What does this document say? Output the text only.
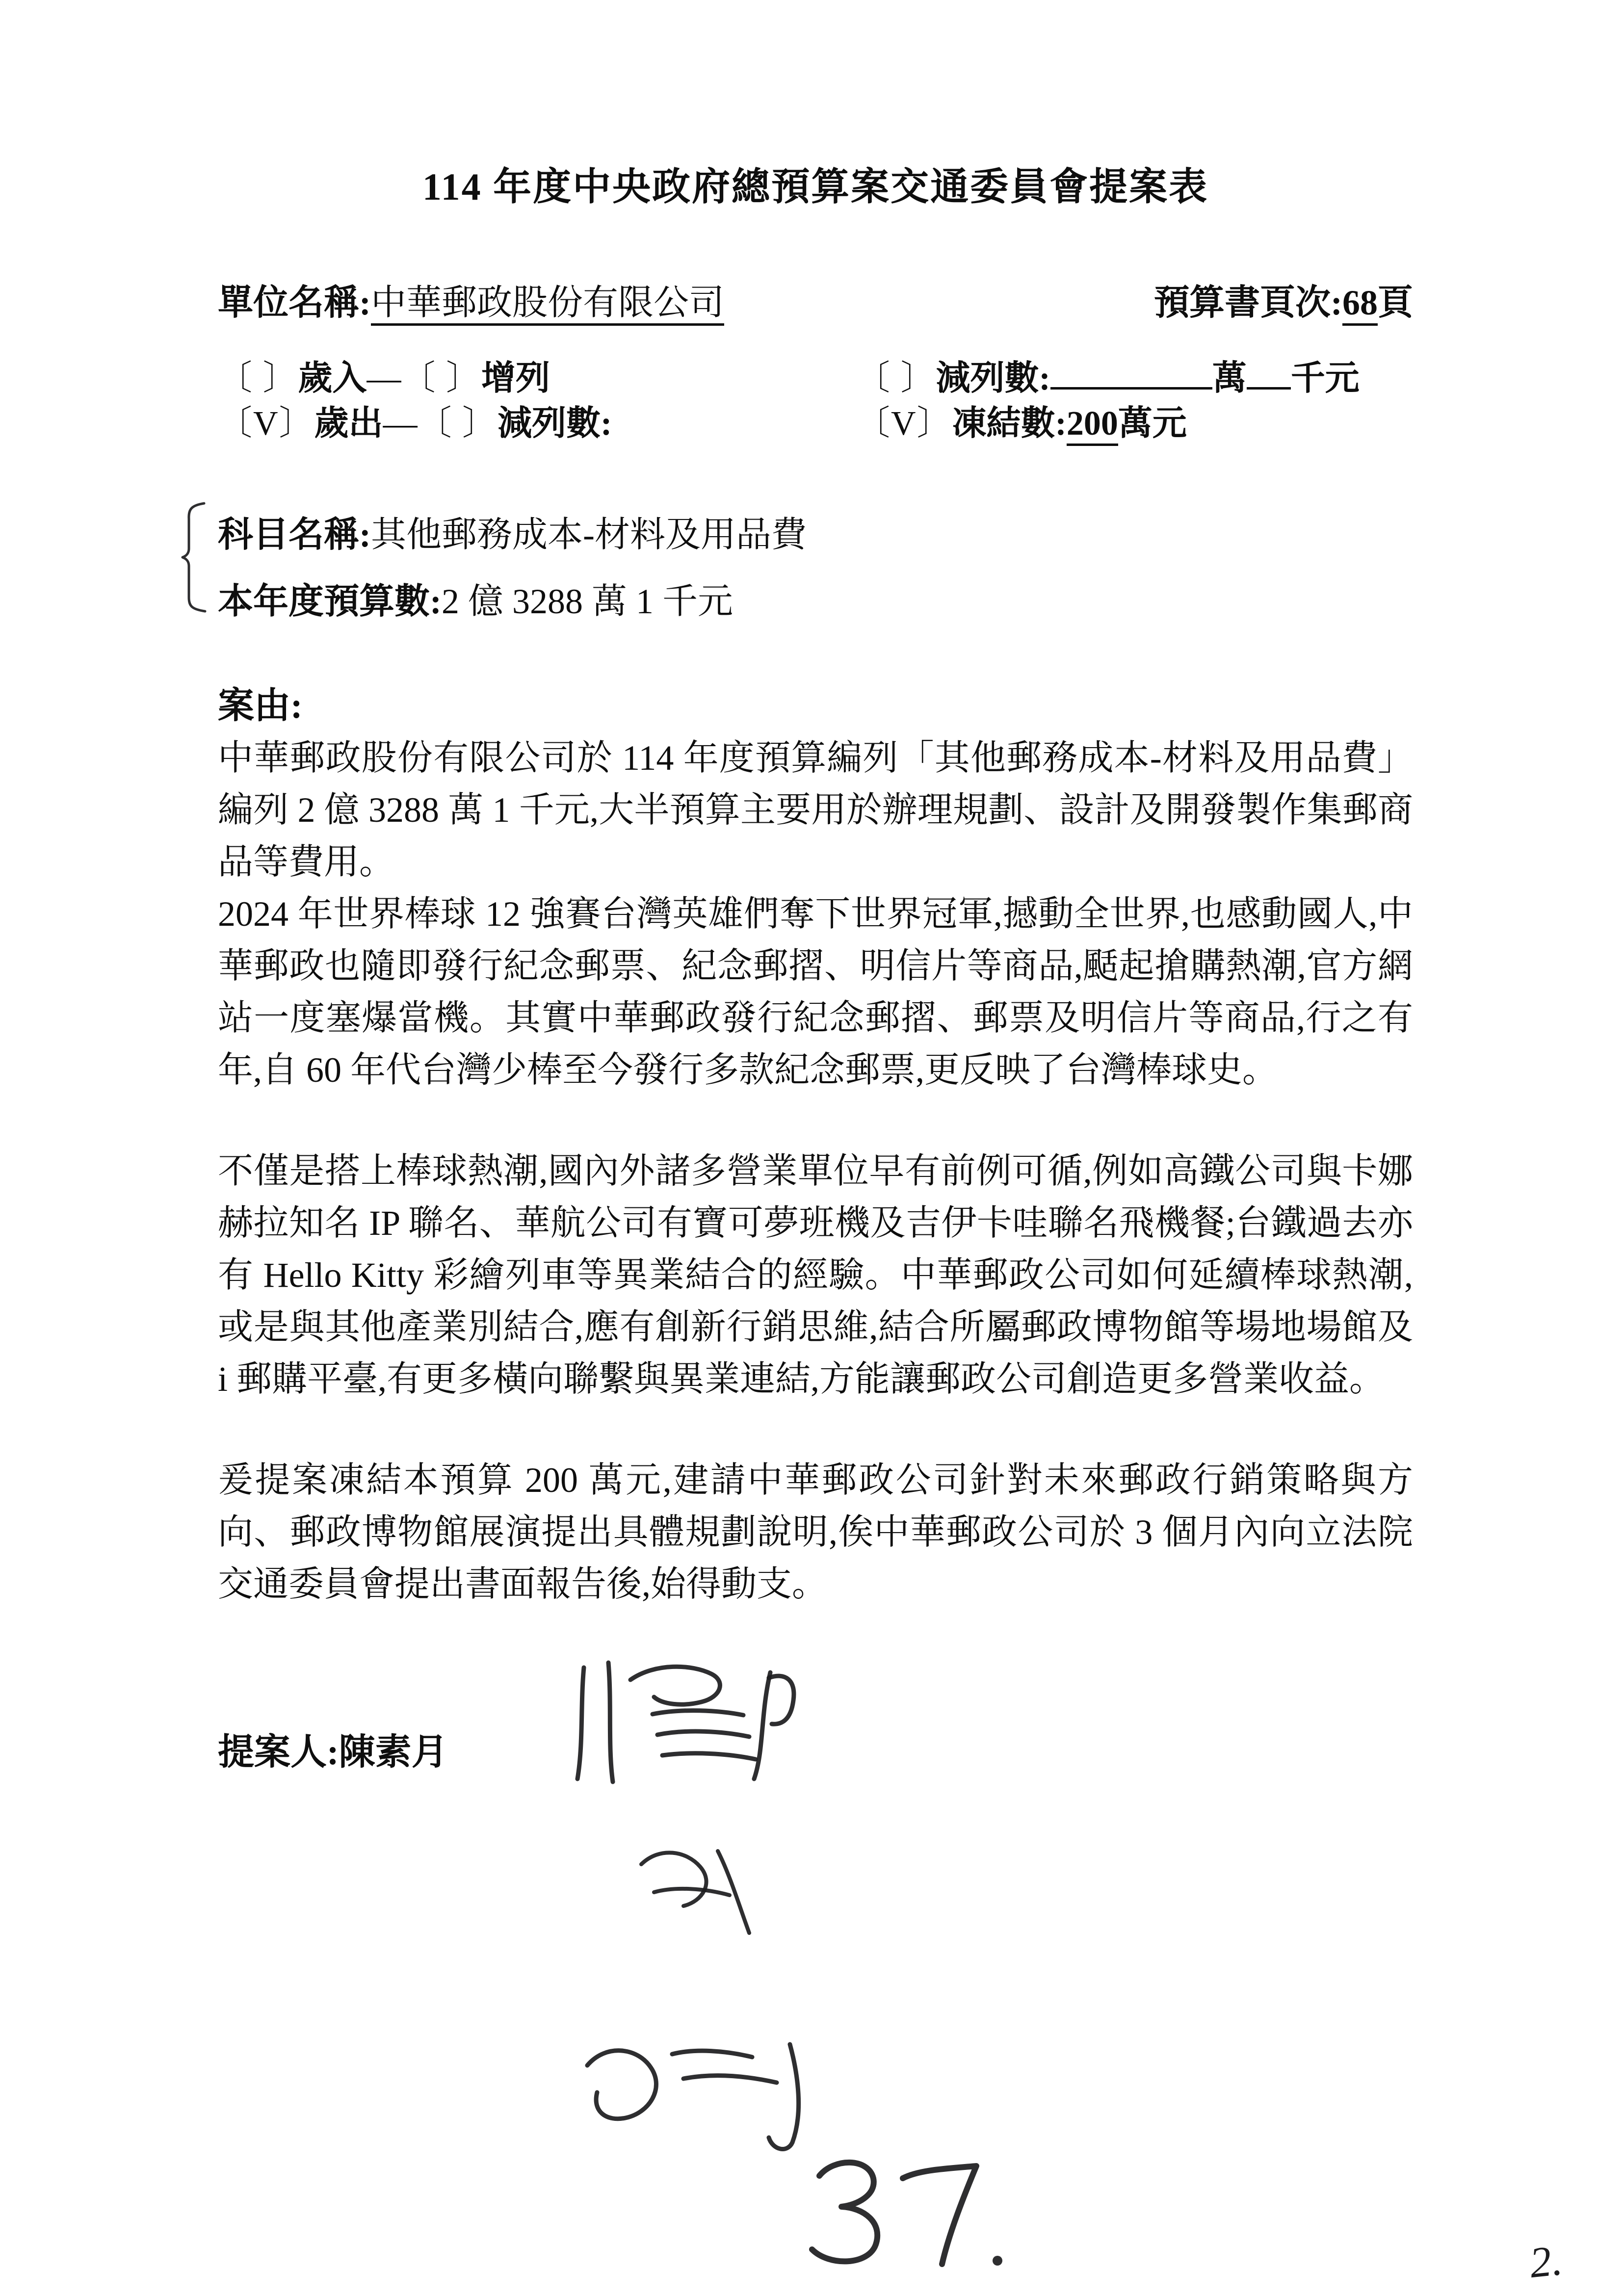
114 年度中央政府總預算案交通委員會提案表
單位名稱:中華郵政股份有限公司	預算書頁次:68頁
〔 〕歲入—〔 〕增列	〔 〕減列數:	萬 千元
〔V〕歲出—〔 〕減列數:	〔V〕凍結數:200萬元
科目名稱:其他郵務成本-材料及用品費
本年度預算數:2 億 3288 萬 1 千元
案由:

中華郵政股份有限公司於 114 年度預算編列「其他郵務成本-材料及用品費」編列 2 億 3288 萬 1 千元,大半預算主要用於辦理規劃、設計及開發製作集郵商品等費用。

2024 年世界棒球 12 強賽台灣英雄們奪下世界冠軍,撼動全世界,也感動國人,中華郵政也隨即發行紀念郵票、紀念郵摺、明信片等商品,颳起搶購熱潮,官方網站一度塞爆當機。其實中華郵政發行紀念郵摺、郵票及明信片等商品,行之有年,自 60 年代台灣少棒至今發行多款紀念郵票,更反映了台灣棒球史。

不僅是搭上棒球熱潮,國內外諸多營業單位早有前例可循,例如高鐵公司與卡娜赫拉知名 IP 聯名、華航公司有寶可夢班機及吉伊卡哇聯名飛機餐;台鐵過去亦有 Hello Kitty 彩繪列車等異業結合的經驗。中華郵政公司如何延續棒球熱潮,或是與其他產業別結合,應有創新行銷思維,結合所屬郵政博物館等場地場館及 i 郵購平臺,有更多橫向聯繫與異業連結,方能讓郵政公司創造更多營業收益。

爰提案凍結本預算 200 萬元,建請中華郵政公司針對未來郵政行銷策略與方向、郵政博物館展演提出具體規劃說明,俟中華郵政公司於 3 個月內向立法院交通委員會提出書面報告後,始得動支。

提案人:陳素月
2.
